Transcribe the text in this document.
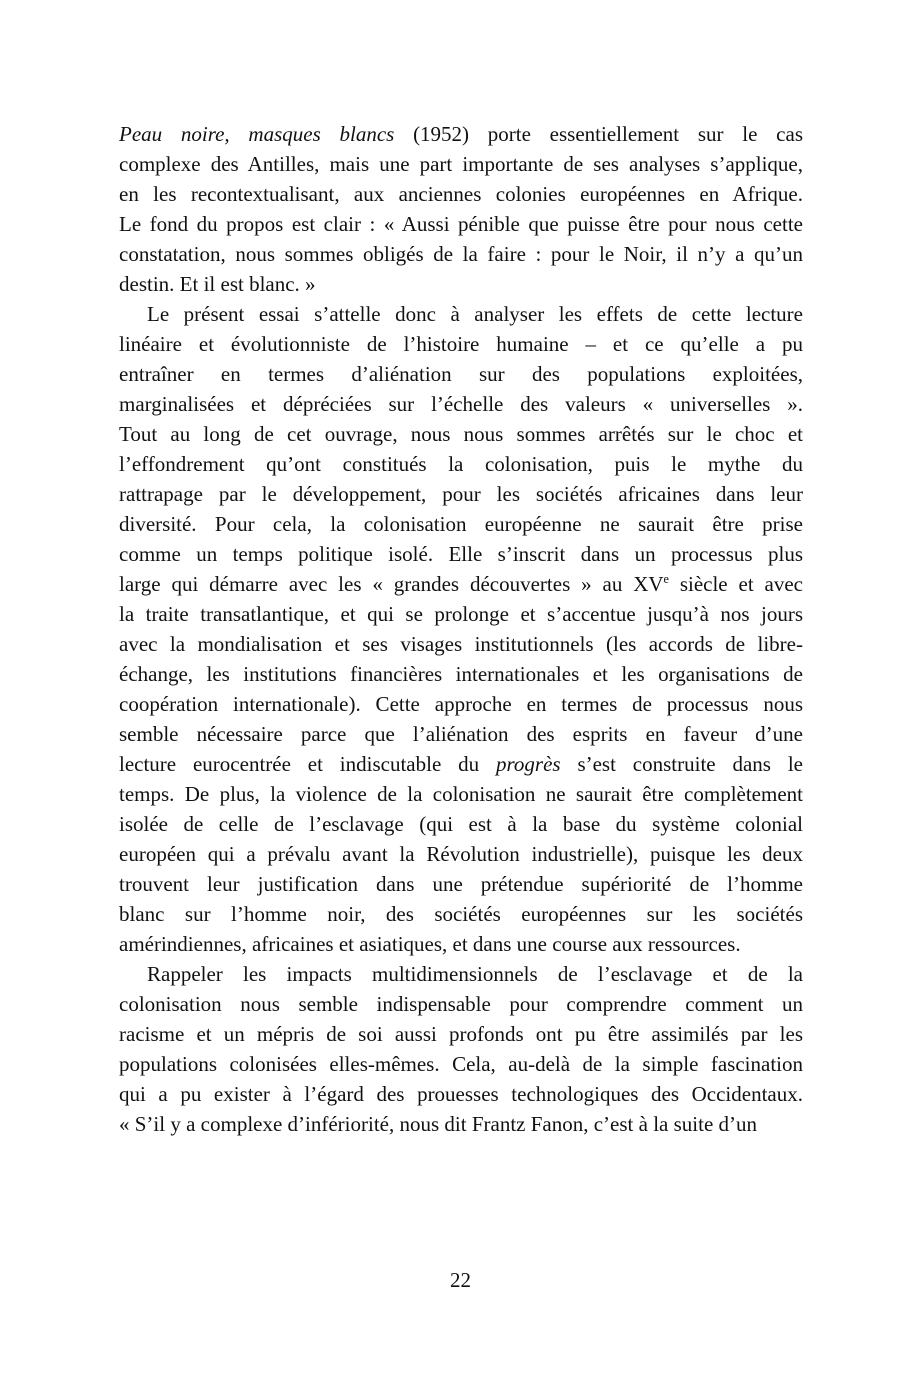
Peau noire, masques blancs (1952) porte essentiellement sur le cas
complexe des Antilles, mais une part importante de ses analyses s’applique,
en les recontextualisant, aux anciennes colonies européennes en Afrique.
Le fond du propos est clair : « Aussi pénible que puisse être pour nous cette
constatation, nous sommes obligés de la faire : pour le Noir, il n’y a qu’un
destin. Et il est blanc. »
Le présent essai s’attelle donc à analyser les effets de cette lecture
linéaire et évolutionniste de l’histoire humaine – et ce qu’elle a pu
entraîner en termes d’aliénation sur des populations exploitées,
marginalisées et dépréciées sur l’échelle des valeurs « universelles ».
Tout au long de cet ouvrage, nous nous sommes arrêtés sur le choc et
l’effondrement qu’ont constitués la colonisation, puis le mythe du
rattrapage par le développement, pour les sociétés africaines dans leur
diversité. Pour cela, la colonisation européenne ne saurait être prise
comme un temps politique isolé. Elle s’inscrit dans un processus plus
large qui démarre avec les « grandes découvertes » au XVe siècle et avec
la traite transatlantique, et qui se prolonge et s’accentue jusqu’à nos jours
avec la mondialisation et ses visages institutionnels (les accords de libre-
échange, les institutions financières internationales et les organisations de
coopération internationale). Cette approche en termes de processus nous
semble nécessaire parce que l’aliénation des esprits en faveur d’une
lecture eurocentrée et indiscutable du progrès s’est construite dans le
temps. De plus, la violence de la colonisation ne saurait être complètement
isolée de celle de l’esclavage (qui est à la base du système colonial
européen qui a prévalu avant la Révolution industrielle), puisque les deux
trouvent leur justification dans une prétendue supériorité de l’homme
blanc sur l’homme noir, des sociétés européennes sur les sociétés
amérindiennes, africaines et asiatiques, et dans une course aux ressources.
Rappeler les impacts multidimensionnels de l’esclavage et de la
colonisation nous semble indispensable pour comprendre comment un
racisme et un mépris de soi aussi profonds ont pu être assimilés par les
populations colonisées elles-mêmes. Cela, au-delà de la simple fascination
qui a pu exister à l’égard des prouesses technologiques des Occidentaux.
« S’il y a complexe d’infériorité, nous dit Frantz Fanon, c’est à la suite d’un
22
